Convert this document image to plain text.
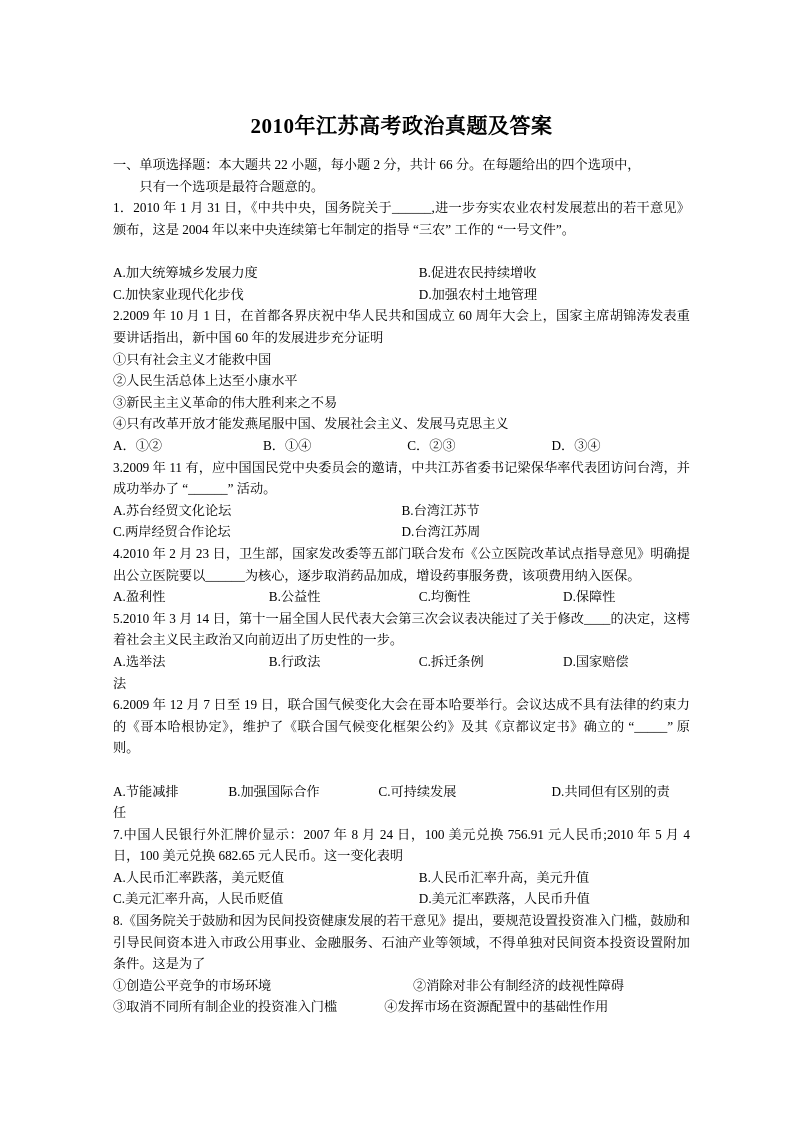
2010年江苏高考政治真题及答案
一、单项选择题：本大题共 22 小题，每小题 2 分，共计 66 分。在每题给出的四个选项中，
只有一个选项是最符合题意的。

1．2010 年 1 月 31 日，《中共中央，国务院关于______,进一步夯实农业农村发展惹出的若干意见》颁布，这是 2004 年以来中央连续第七年制定的指导 “三农” 工作的 “一号文件”。

A.加大统筹城乡发展力度	B.促进农民持续增收
C.加快家业现代化步伐	D.加强农村土地管理

2.2009 年 10 月 1 日，在首都各界庆祝中华人民共和国成立 60 周年大会上，国家主席胡锦涛发表重要讲话指出，新中国 60 年的发展进步充分证明

①只有社会主义才能救中国
②人民生活总体上达至小康水平
③新民主主义革命的伟大胜利来之不易
④只有改革开放才能发燕尾服中国、发展社会主义、发展马克思主义
A．①②	B．①④	C．②③	D．③④

3.2009 年 11 有，应中国国民党中央委员会的邀请，中共江苏省委书记梁保华率代表团访问台湾，并成功举办了 “______” 活动。

A.苏台经贸文化论坛	B.台湾江苏节
C.两岸经贸合作论坛	D.台湾江苏周

4.2010 年 2 月 23 日，卫生部，国家发改委等五部门联合发布《公立医院改革试点指导意见》明确提出公立医院要以______为核心，逐步取消药品加成，增设药事服务费，该项费用纳入医保。

A.盈利性	B.公益性	C.均衡性	D.保障性

5.2010 年 3 月 14 日，第十一届全国人民代表大会第三次会议表决能过了关于修改____的决定，这樗着社会主义民主政治又向前迈出了历史性的一步。

A.选举法	B.行政法	C.拆迁条例	D.国家赔偿
法

6.2009 年 12 月 7 日至 19 日，联合国气候变化大会在哥本哈要举行。会议达成不具有法律的约束力的《哥本哈根协定》，维护了《联合国气候变化框架公约》及其《京都议定书》确立的 “_____” 原则。

A.节能减排	B.加强国际合作	C.可持续发展	D.共同但有区别的责
任

7.中国人民银行外汇牌价显示：2007 年 8 月 24 日，100 美元兑换 756.91 元人民币;2010 年 5 月 4 日，100 美元兑换 682.65 元人民币。这一变化表明

A.人民币汇率跌落，美元贬值	B.人民币汇率升高，美元升值
C.美元汇率升高，人民币贬值	D.美元汇率跌落，人民币升值

8.《国务院关于鼓励和因为民间投资健康发展的若干意见》提出，要规范设置投资准入门槛，鼓励和引导民间资本进入市政公用事业、金融服务、石油产业等领域，不得单独对民间资本投资设置附加条件。这是为了

①创造公平竞争的市场环境	②消除对非公有制经济的歧视性障碍
③取消不同所有制企业的投资准入门槛	④发挥市场在资源配置中的基础性作用
